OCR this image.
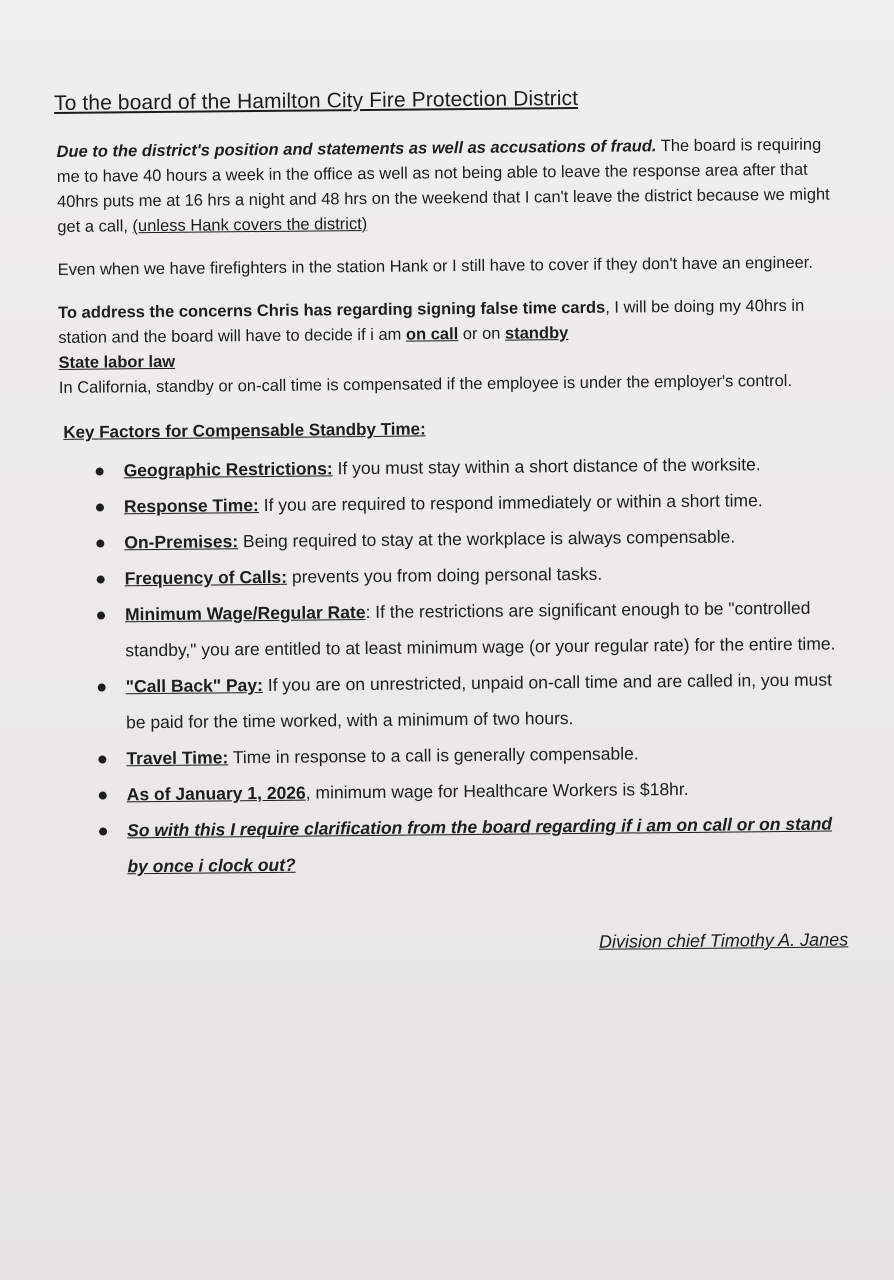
To the board of the Hamilton City Fire Protection District
Due to the district's position and statements as well as accusations of fraud. The board is requiring me to have 40 hours a week in the office as well as not being able to leave the response area after that 40hrs puts me at 16 hrs a night and 48 hrs on the weekend that I can't leave the district because we might get a call, (unless Hank covers the district)
Even when we have firefighters in the station Hank or I still have to cover if they don't have an engineer.
To address the concerns Chris has regarding signing false time cards, I will be doing my 40hrs in station and the board will have to decide if i am on call or on standby
State labor law
In California, standby or on-call time is compensated if the employee is under the employer's control.
Key Factors for Compensable Standby Time:
Geographic Restrictions: If you must stay within a short distance of the worksite.
Response Time: If you are required to respond immediately or within a short time.
On-Premises: Being required to stay at the workplace is always compensable.
Frequency of Calls: prevents you from doing personal tasks.
Minimum Wage/Regular Rate: If the restrictions are significant enough to be "controlled standby," you are entitled to at least minimum wage (or your regular rate) for the entire time.
"Call Back" Pay: If you are on unrestricted, unpaid on-call time and are called in, you must be paid for the time worked, with a minimum of two hours.
Travel Time: Time in response to a call is generally compensable.
As of January 1, 2026, minimum wage for Healthcare Workers is $18hr.
So with this I require clarification from the board regarding if i am on call or on stand by once i clock out?
Division chief Timothy A. Janes
